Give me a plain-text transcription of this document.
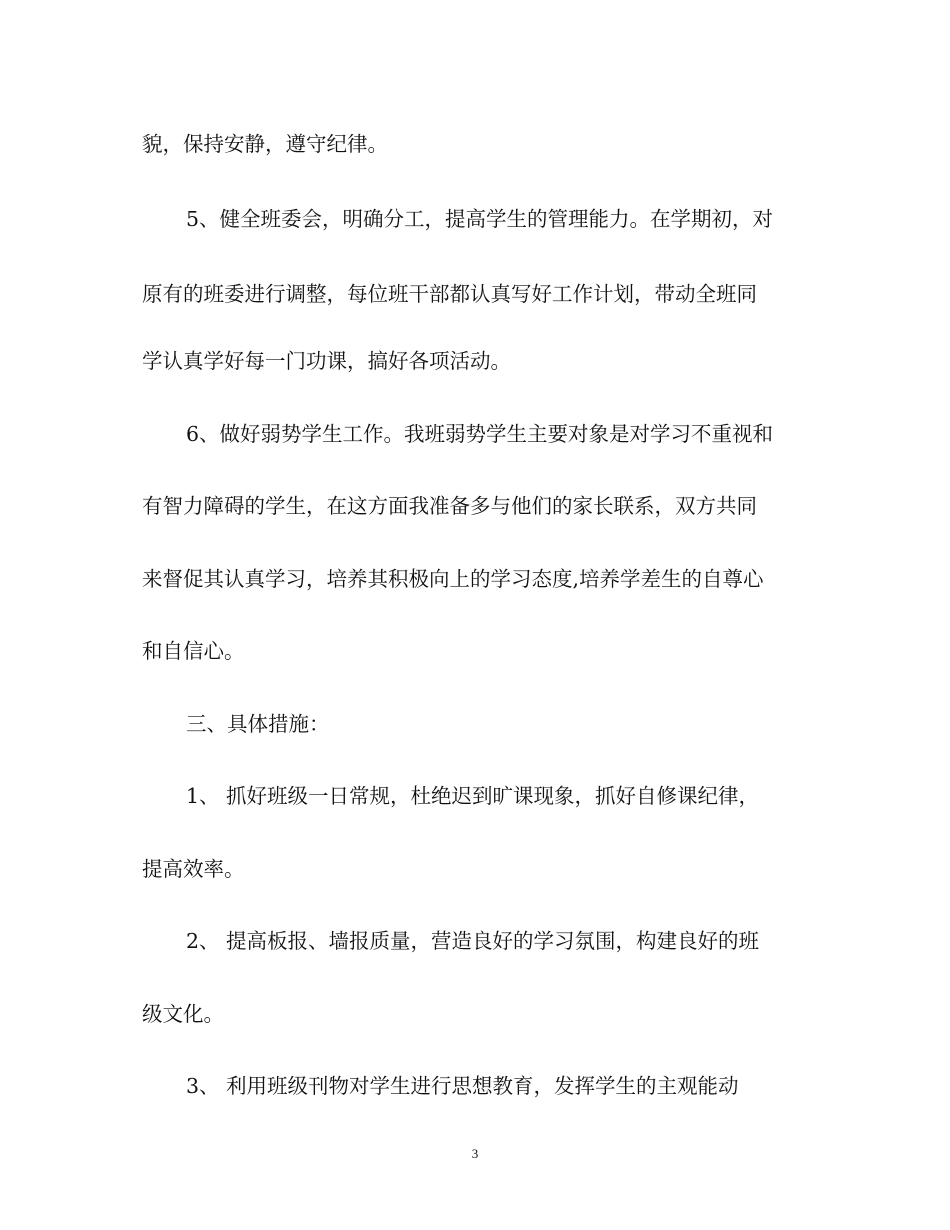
貌，保持安静，遵守纪律。
5、健全班委会，明确分工，提高学生的管理能力。在学期初，对
原有的班委进行调整，每位班干部都认真写好工作计划，带动全班同
学认真学好每一门功课，搞好各项活动。
6、做好弱势学生工作。我班弱势学生主要对象是对学习不重视和
有智力障碍的学生，在这方面我准备多与他们的家长联系，双方共同
来督促其认真学习，培养其积极向上的学习态度,培养学差生的自尊心
和自信心。
三、具体措施：
1、 抓好班级一日常规，杜绝迟到旷课现象，抓好自修课纪律，
提高效率。
2、 提高板报、墙报质量，营造良好的学习氛围，构建良好的班
级文化。
3、 利用班级刊物对学生进行思想教育，发挥学生的主观能动
3
